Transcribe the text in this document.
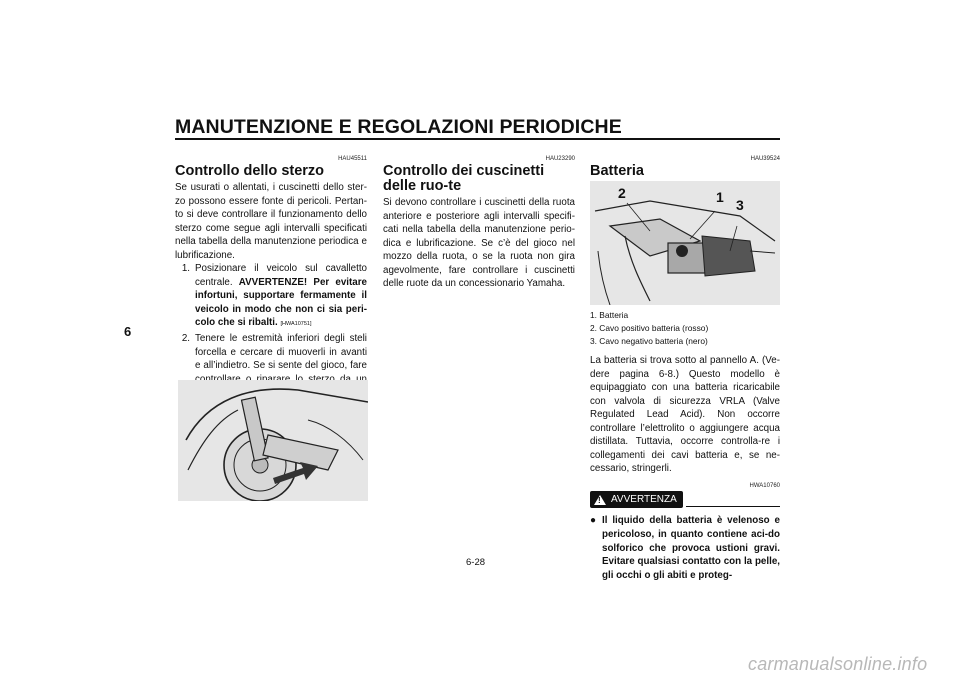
MANUTENZIONE E REGOLAZIONI PERIODICHE
6
HAU45511
Controllo dello sterzo

Se usurati o allentati, i cuscinetti dello ster-zo possono essere fonte di pericoli. Pertan-to si deve controllare il funzionamento dello sterzo come segue agli intervalli specificati nella tabella della manutenzione periodica e lubrificazione.

1. Posizionare il veicolo sul cavalletto centrale. AVVERTENZE! Per evitare infortuni, supportare fermamente il veicolo in modo che non ci sia peri-colo che si ribalti. [HWA10751]
2. Tenere le estremità inferiori degli steli forcella e cercare di muoverli in avanti e all’indietro. Se si sente del gioco, fare
HAU23290
Controllo dei cuscinetti delle ruo-te

Si devono controllare i cuscinetti della ruota anteriore e posteriore agli intervalli specifi-cati nella tabella della manutenzione perio-dica e lubrificazione. Se c’è del gioco nel mozzo della ruota, o se la ruota non gira agevolmente, fare controllare i cuscinetti delle ruote da un concessionario Yamaha.

HAU39524
Batteria
2	1 3
1. Batteria
2. Cavo positivo batteria (rosso)
3. Cavo negativo batteria (nero)

La batteria si trova sotto al pannello A. (Ve-dere pagina 6-8.) Questo modello è equipaggiato con una batteria ricaricabile con valvola di sicurezza VRLA (Valve Regulated Lead Acid). Non occorre controllare l’elettrolito o aggiungere acqua distillata. Tuttavia, occorre controlla-re i collegamenti dei cavi batteria e, se ne-cessario, stringerli.

HWA10760
! AVVERTENZA
● Il liquido della batteria è velenoso e pericoloso, in quanto contiene aci-do solforico che provoca ustioni gravi. Evitare qualsiasi contatto con la pelle, gli occhi o gli abiti e proteg-
6-28
carmanualsonline.info
